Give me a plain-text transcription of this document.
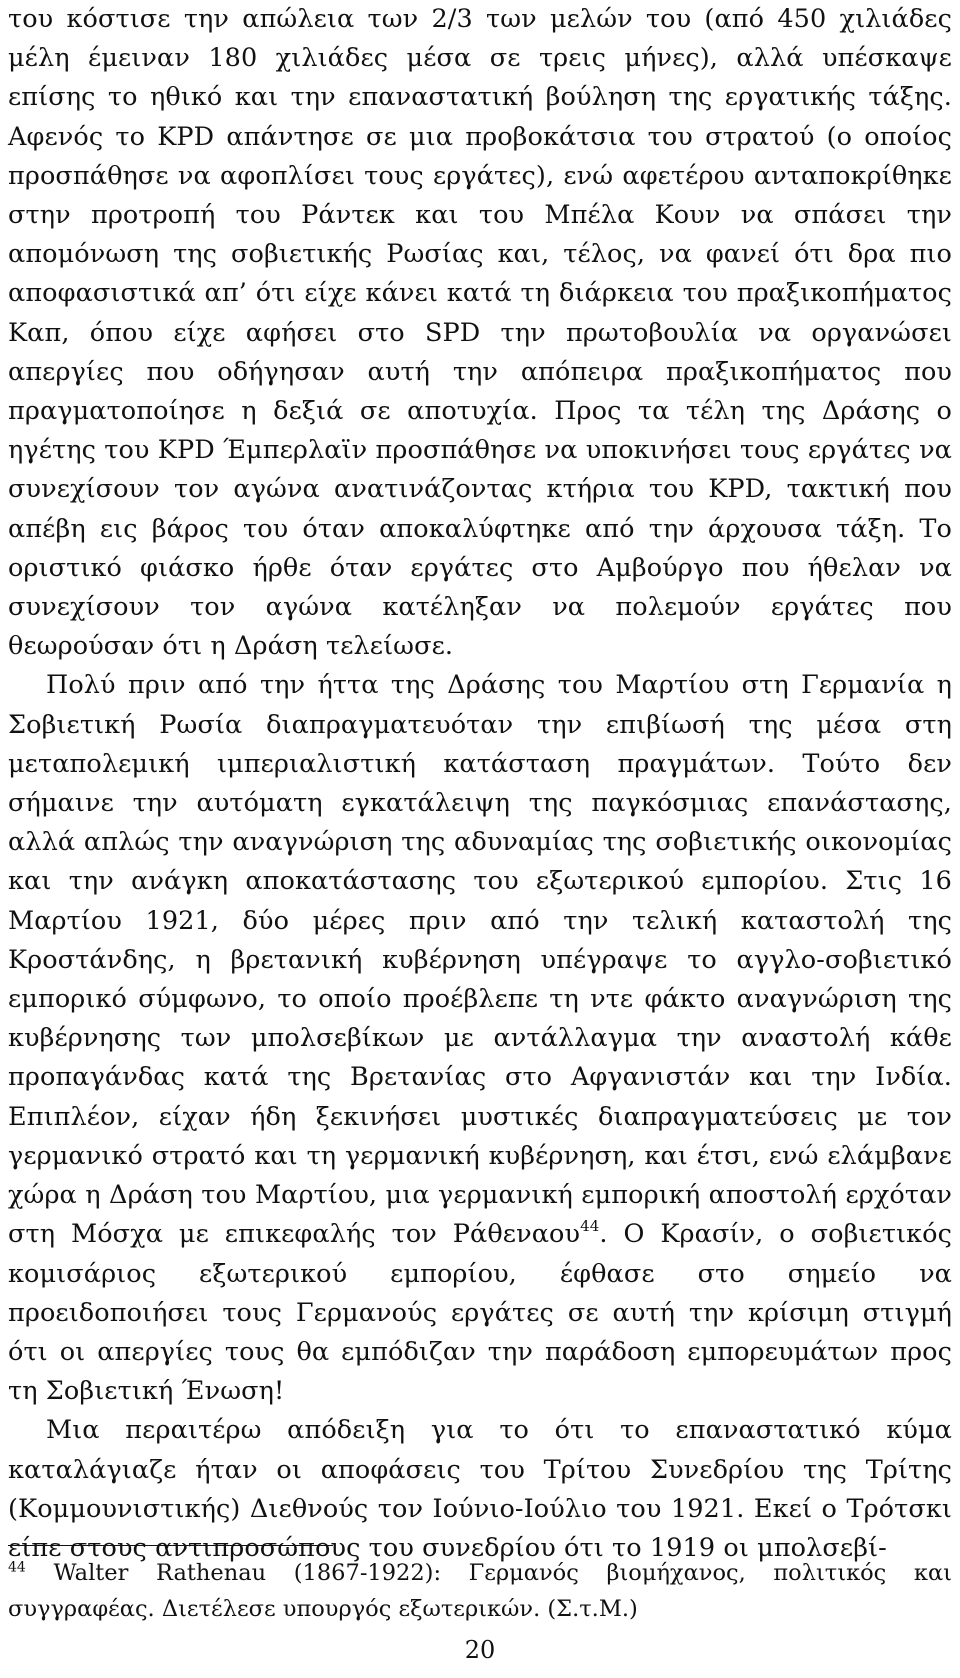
του κόστισε την απώλεια των 2/3 των μελών του (από 450 χιλιάδες μέλη έμειναν 180 χιλιάδες μέσα σε τρεις μήνες), αλλά υπέσκαψε επίσης το ηθικό και την επαναστατική βούληση της εργατικής τάξης. Αφενός το KPD απάντησε σε μια προβοκάτσια του στρατού (ο οποίος προσπάθησε να αφοπλίσει τους εργάτες), ενώ αφετέρου ανταποκρίθηκε στην προτροπή του Ράντεκ και του Μπέλα Κουν να σπάσει την απομόνωση της σοβιετικής Ρωσίας και, τέλος, να φανεί ότι δρα πιο αποφασιστικά απ’ ότι είχε κάνει κατά τη διάρκεια του πραξικοπήματος Καπ, όπου είχε αφήσει στο SPD την πρωτοβουλία να οργανώσει απεργίες που οδήγησαν αυτή την απόπειρα πραξικοπήματος που πραγματοποίησε η δεξιά σε αποτυχία. Προς τα τέλη της Δράσης ο ηγέτης του KPD Έμπερλαϊν προσπάθησε να υποκινήσει τους εργάτες να συνεχίσουν τον αγώνα ανατινάζοντας κτήρια του KPD, τακτική που απέβη εις βάρος του όταν αποκαλύφτηκε από την άρχουσα τάξη. Το οριστικό φιάσκο ήρθε όταν εργάτες στο Αμβούργο που ήθελαν να συνεχίσουν τον αγώνα κατέληξαν να πολεμούν εργάτες που θεωρούσαν ότι η Δράση τελείωσε.

Πολύ πριν από την ήττα της Δράσης του Μαρτίου στη Γερμανία η Σοβιετική Ρωσία διαπραγματευόταν την επιβίωσή της μέσα στη μεταπολεμική ιμπεριαλιστική κατάσταση πραγμάτων. Τούτο δεν σήμαινε την αυτόματη εγκατάλειψη της παγκόσμιας επανάστασης, αλλά απλώς την αναγνώριση της αδυναμίας της σοβιετικής οικονομίας και την ανάγκη αποκατάστασης του εξωτερικού εμπορίου. Στις 16 Μαρτίου 1921, δύο μέρες πριν από την τελική καταστολή της Κροστάνδης, η βρετανική κυβέρνηση υπέγραψε το αγγλο-σοβιετικό εμπορικό σύμφωνο, το οποίο προέβλεπε τη ντε φάκτο αναγνώριση της κυβέρνησης των μπολσεβίκων με αντάλλαγμα την αναστολή κάθε προπαγάνδας κατά της Βρετανίας στο Αφγανιστάν και την Ινδία. Επιπλέον, είχαν ήδη ξεκινήσει μυστικές διαπραγματεύσεις με τον γερμανικό στρατό και τη γερμανική κυβέρνηση, και έτσι, ενώ ελάμβανε χώρα η Δράση του Μαρτίου, μια γερμανική εμπορική αποστολή ερχόταν στη Μόσχα με επικεφαλής τον Ράθεναου$^{44}$. Ο Κρασίν, ο σοβιετικός κομισάριος εξωτερικού εμπορίου, έφθασε στο σημείο να προειδοποιήσει τους Γερμανούς εργάτες σε αυτή την κρίσιμη στιγμή ότι οι απεργίες τους θα εμπόδιζαν την παράδοση εμπορευμάτων προς τη Σοβιετική Ένωση!

Μια περαιτέρω απόδειξη για το ότι το επαναστατικό κύμα καταλάγιαζε ήταν οι αποφάσεις του Τρίτου Συνεδρίου της Τρίτης (Κομμουνιστικής) Διεθνούς τον Ιούνιο-Ιούλιο του 1921. Εκεί ο Τρότσκι είπε στους αντιπροσώπους του συνεδρίου ότι το 1919 οι μπολσεβί-

$^{44}$ Walter Rathenau (1867-1922): Γερμανός βιομήχανος, πολιτικός και συγγραφέας. Διετέλεσε υπουργός εξωτερικών. (Σ.τ.Μ.)
20
